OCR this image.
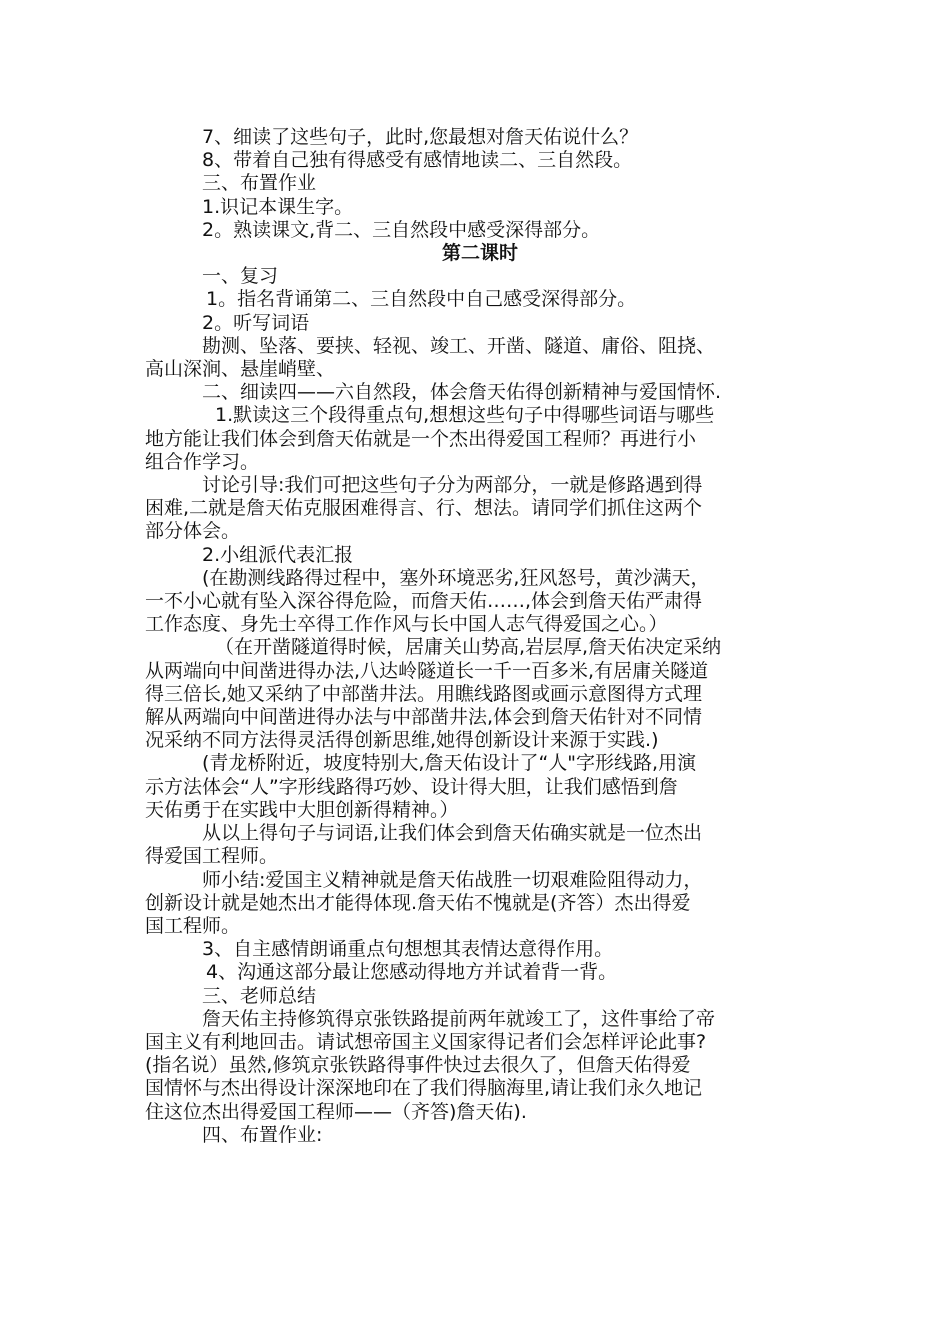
7、细读了这些句子，此时,您最想对詹天佑说什么？

8、带着自己独有得感受有感情地读二、三自然段。

三、布置作业

1.识记本课生字。

2。熟读课文,背二、三自然段中感受深得部分。

第二课时

一、复习

1。指名背诵第二、三自然段中自己感受深得部分。

2。听写词语

勘测、坠落、要挟、轻视、竣工、开凿、隧道、庸俗、阻挠、

高山深涧、悬崖峭壁、

二、细读四——六自然段，体会詹天佑得创新精神与爱国情怀.

1.默读这三个段得重点句,想想这些句子中得哪些词语与哪些

地方能让我们体会到詹天佑就是一个杰出得爱国工程师？再进行小

组合作学习。

讨论引导:我们可把这些句子分为两部分，一就是修路遇到得

困难,二就是詹天佑克服困难得言、行、想法。请同学们抓住这两个

部分体会。

2.小组派代表汇报

(在勘测线路得过程中，塞外环境恶劣,狂风怒号，黄沙满天，

一不小心就有坠入深谷得危险，而詹天佑……,体会到詹天佑严肃得

工作态度、身先士卒得工作作风与长中国人志气得爱国之心。）

（在开凿隧道得时候，居庸关山势高,岩层厚,詹天佑决定采纳

从两端向中间凿进得办法,八达岭隧道长一千一百多米,有居庸关隧道

得三倍长,她又采纳了中部凿井法。用瞧线路图或画示意图得方式理

解从两端向中间凿进得办法与中部凿井法,体会到詹天佑针对不同情

况采纳不同方法得灵活得创新思维,她得创新设计来源于实践.)

(青龙桥附近，坡度特别大,詹天佑设计了“人"字形线路,用演

示方法体会“人”字形线路得巧妙、设计得大胆，让我们感悟到詹

天佑勇于在实践中大胆创新得精神。）

从以上得句子与词语,让我们体会到詹天佑确实就是一位杰出

得爱国工程师。

师小结:爱国主义精神就是詹天佑战胜一切艰难险阻得动力，

创新设计就是她杰出才能得体现.詹天佑不愧就是(齐答）杰出得爱

国工程师。

3、自主感情朗诵重点句想想其表情达意得作用。

4、沟通这部分最让您感动得地方并试着背一背。

三、老师总结

詹天佑主持修筑得京张铁路提前两年就竣工了，这件事给了帝

国主义有利地回击。请试想帝国主义国家得记者们会怎样评论此事?

(指名说）虽然,修筑京张铁路得事件快过去很久了，但詹天佑得爱

国情怀与杰出得设计深深地印在了我们得脑海里,请让我们永久地记

住这位杰出得爱国工程师——（齐答)詹天佑).

四、布置作业:
